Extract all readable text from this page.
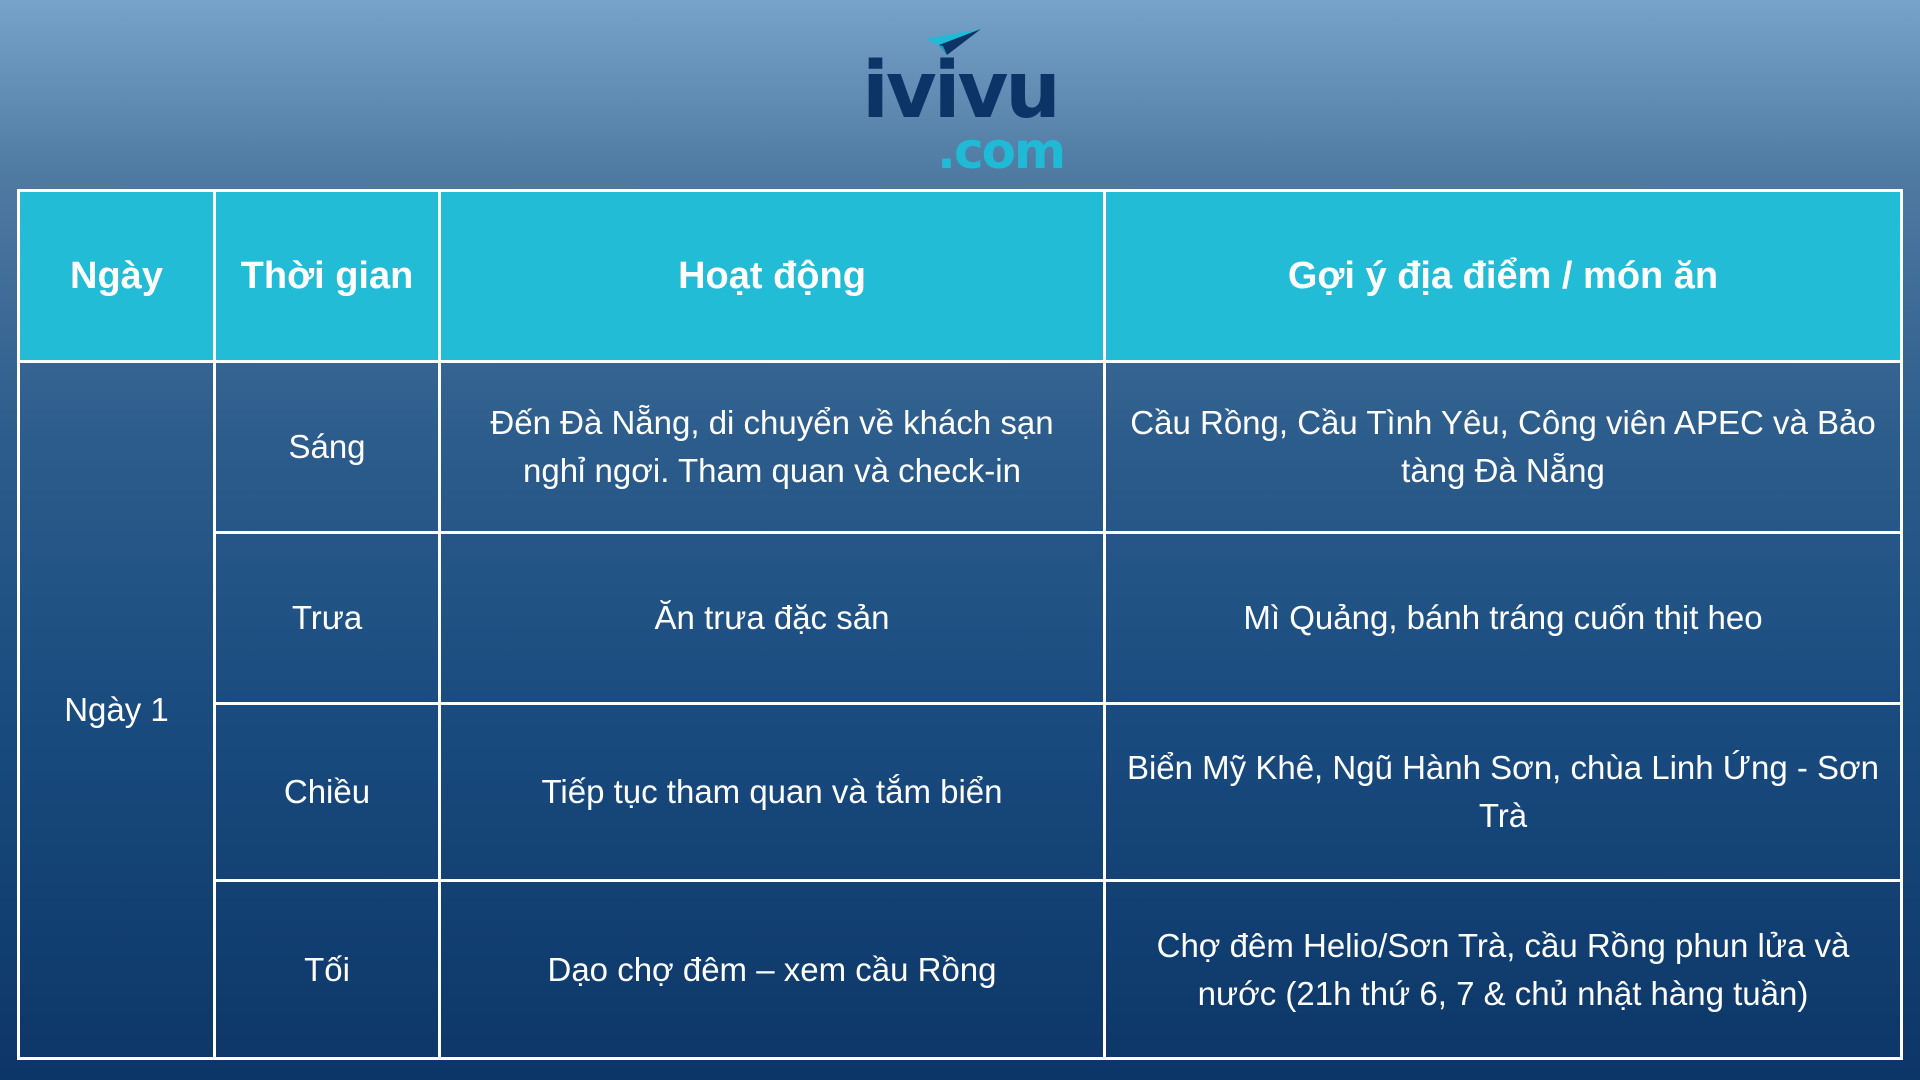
ivivu
.com
Ngày	Thời gian	Hoạt động	Gợi ý địa điểm / món ăn
Ngày 1	Sáng	Đến Đà Nẵng, di chuyển về khách sạn nghỉ ngơi. Tham quan và check-in	Cầu Rồng, Cầu Tình Yêu, Công viên APEC và Bảo tàng Đà Nẵng
	Trưa	Ăn trưa đặc sản	Mì Quảng, bánh tráng cuốn thịt heo
	Chiều	Tiếp tục tham quan và tắm biển	Biển Mỹ Khê, Ngũ Hành Sơn, chùa Linh Ứng - Sơn Trà
	Tối	Dạo chợ đêm – xem cầu Rồng	Chợ đêm Helio/Sơn Trà, cầu Rồng phun lửa và nước (21h thứ 6, 7 & chủ nhật hàng tuần)
